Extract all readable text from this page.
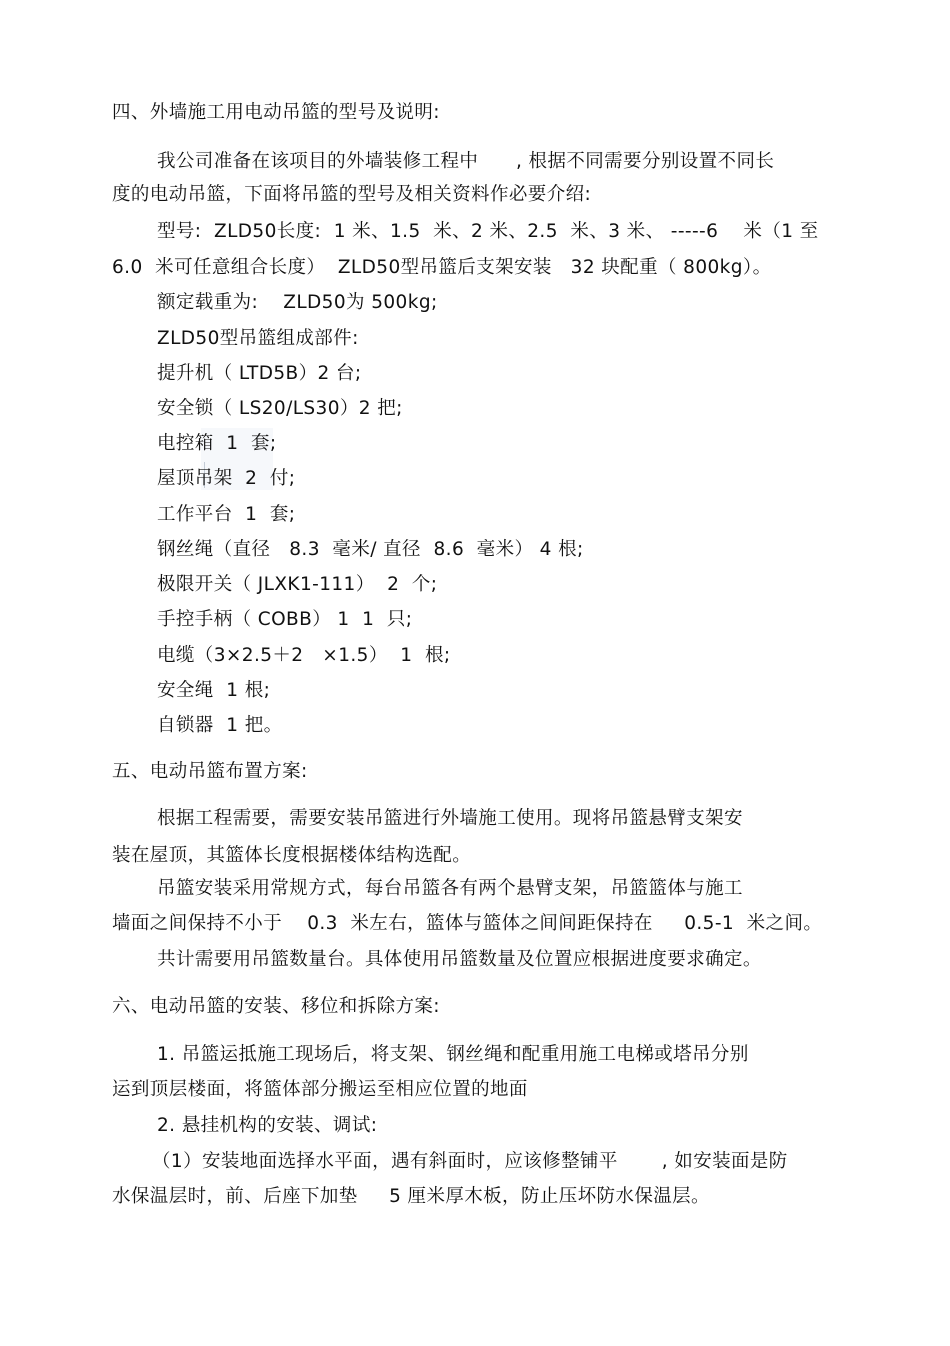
四、外墙施工用电动吊篮的型号及说明:
我公司准备在该项目的外墙装修工程中      , 根据不同需要分别设置不同长
度的电动吊篮，下面将吊篮的型号及相关资料作必要介绍:
型号:  ZLD50长度:  1 米、1.5  米、2 米、2.5  米、3 米、 -----6    米（1 至
6.0  米可任意组合长度）  ZLD50型吊篮后支架安装   32 块配重（ 800kg）。
额定载重为:    ZLD50为 500kg;
ZLD50型吊篮组成部件:
提升机（ LTD5B）2 台;
安全锁（ LS20/LS30）2 把;
电控箱  1  套;
屋顶吊架  2  付;
工作平台  1  套;
钢丝绳（直径   8.3  毫米/ 直径  8.6  毫米） 4 根;
极限开关（ JLXK1-111）  2  个;
手控手柄（ COBB） 1  1  只;
电缆（3×2.5＋2   ×1.5）  1  根;
安全绳  1 根;
自锁器  1 把。
五、电动吊篮布置方案:
根据工程需要，需要安装吊篮进行外墙施工使用。现将吊篮悬臂支架安
装在屋顶，其篮体长度根据楼体结构选配。
吊篮安装采用常规方式，每台吊篮各有两个悬臂支架，吊篮篮体与施工
墙面之间保持不小于    0.3  米左右，篮体与篮体之间间距保持在     0.5-1  米之间。
共计需要用吊篮数量台。具体使用吊篮数量及位置应根据进度要求确定。
六、电动吊篮的安装、移位和拆除方案:
1. 吊篮运抵施工现场后，将支架、钢丝绳和配重用施工电梯或塔吊分别
运到顶层楼面，将篮体部分搬运至相应位置的地面
2. 悬挂机构的安装、调试:
（1）安装地面选择水平面，遇有斜面时，应该修整铺平       , 如安装面是防
水保温层时，前、后座下加垫     5 厘米厚木板，防止压坏防水保温层。
